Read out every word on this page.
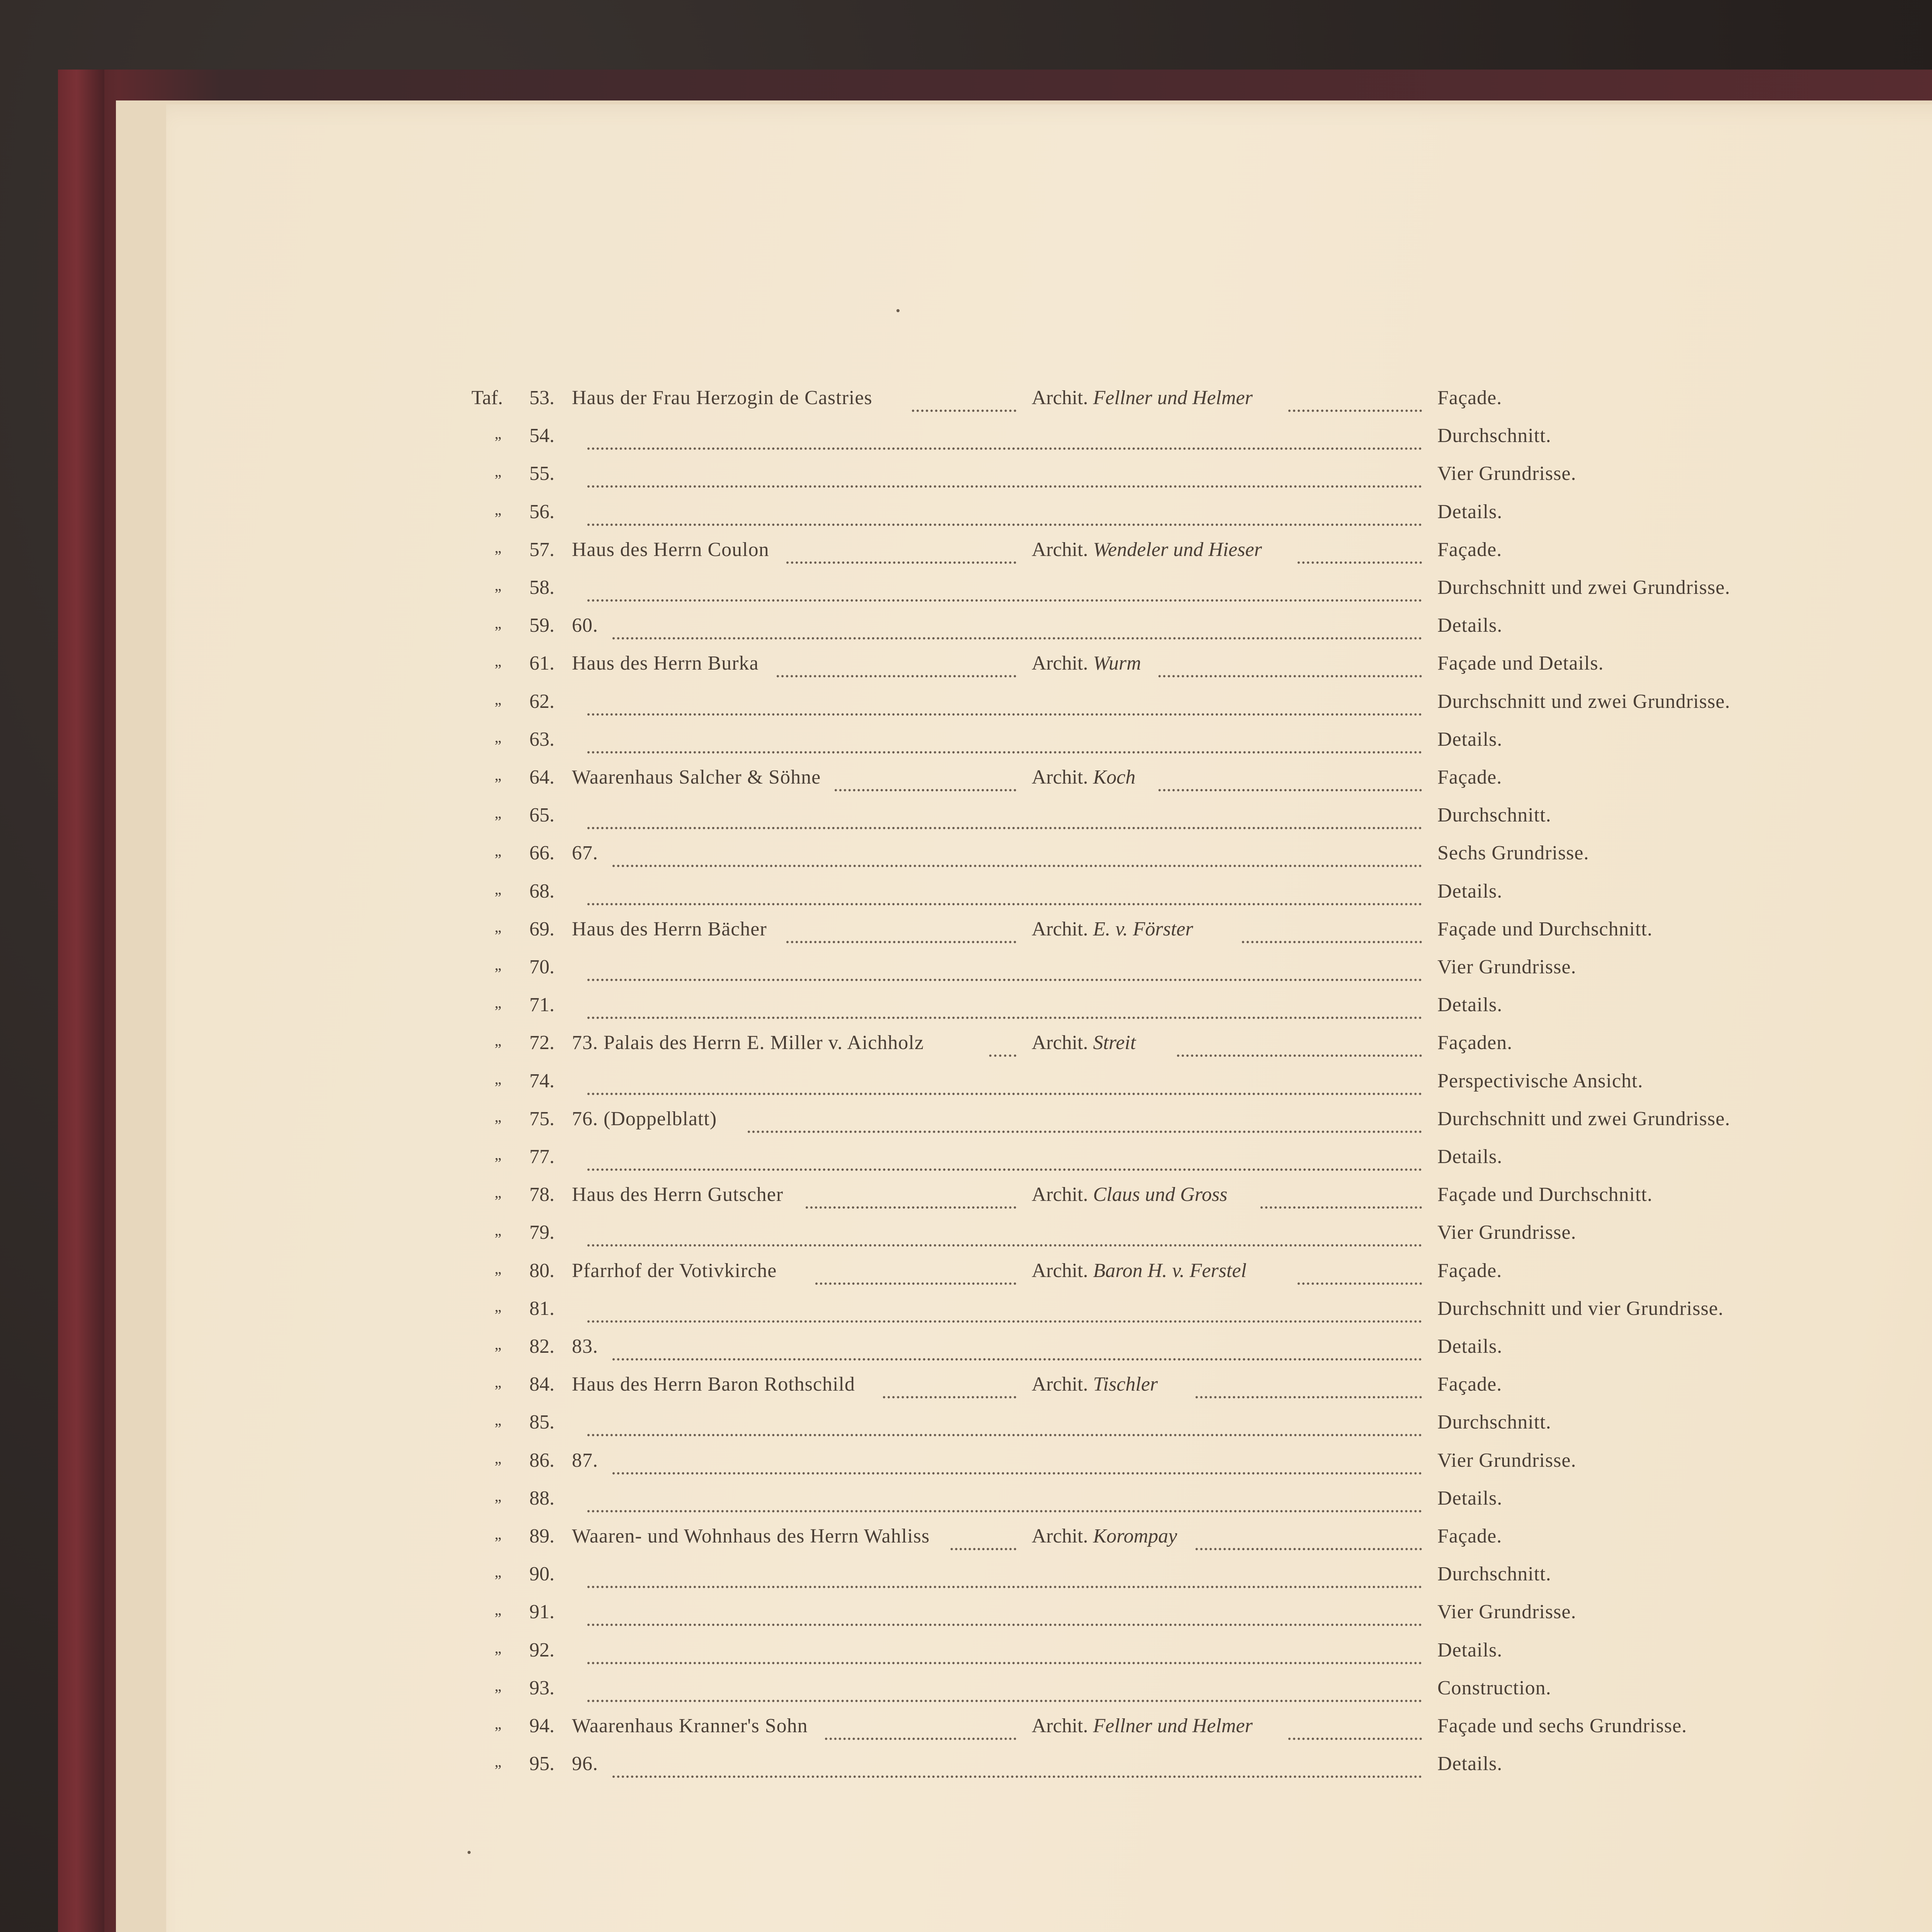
Taf.	53. Haus der Frau Herzogin de Castries	Archit. Fellner und Helmer	Façade.
„	54.	Durchschnitt.
„	55.	Vier Grundrisse.
„	56.	Details.
„	57. Haus des Herrn Coulon	Archit. Wendeler und Hieser	Façade.
„	58.	Durchschnitt und zwei Grundrisse.
„	59. 60.	Details.
„	61. Haus des Herrn Burka	Archit. Wurm	Façade und Details.
„	62.	Durchschnitt und zwei Grundrisse.
„	63.	Details.
„	64. Waarenhaus Salcher & Söhne	Archit. Koch	Façade.
„	65.	Durchschnitt.
„	66. 67.	Sechs Grundrisse.
„	68.	Details.
„	69. Haus des Herrn Bächer	Archit. E. v. Förster	Façade und Durchschnitt.
„	70.	Vier Grundrisse.
„	71.	Details.
„	72. 73. Palais des Herrn E. Miller v. Aichholz	Archit. Streit	Façaden.
„	74.	Perspectivische Ansicht.
„	75. 76. (Doppelblatt)	Durchschnitt und zwei Grundrisse.
„	77.	Details.
„	78. Haus des Herrn Gutscher	Archit. Claus und Gross	Façade und Durchschnitt.
„	79.	Vier Grundrisse.
„	80. Pfarrhof der Votivkirche	Archit. Baron H. v. Ferstel	Façade.
„	81.	Durchschnitt und vier Grundrisse.
„	82. 83.	Details.
„	84. Haus des Herrn Baron Rothschild	Archit. Tischler	Façade.
„	85.	Durchschnitt.
„	86. 87.	Vier Grundrisse.
„	88.	Details.
„	89. Waaren- und Wohnhaus des Herrn Wahliss	Archit. Korompay	Façade.
„	90.	Durchschnitt.
„	91.	Vier Grundrisse.
„	92.	Details.
„	93.	Construction.
„	94. Waarenhaus Kranner's Sohn	Archit. Fellner und Helmer	Façade und sechs Grundrisse.
„	95. 96.	Details.
